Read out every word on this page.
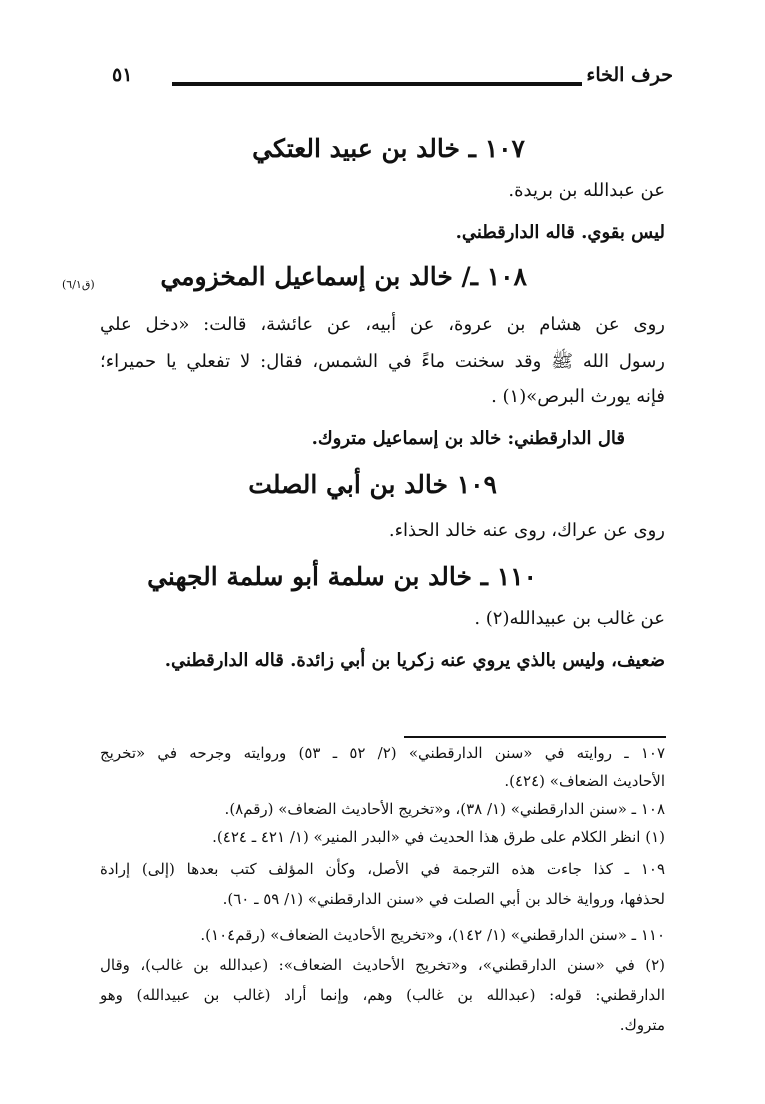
حرف الخاء
٥١
١٠٧ ـ خالد بن عبيد العتكي
عن عبدالله بن بريدة.
ليس بقوي. قاله الدارقطني.
١٠٨ ـ/ خالد بن إسماعيل المخزومي
(ق٦/١)
روى عن هشام بن عروة، عن أبيه، عن عائشة، قالت: «دخل علي
رسول الله ﷺ وقد سخنت ماءً في الشمس، فقال: لا تفعلي يا حميراء؛
فإنه يورث البرص»(١) .
قال الدارقطني: خالد بن إسماعيل متروك.
١٠٩ خالد بن أبي الصلت
روى عن عراك، روى عنه خالد الحذاء.
١١٠ ـ خالد بن سلمة أبو سلمة الجهني
عن غالب بن عبيدالله(٢) .
ضعيف، وليس بالذي يروي عنه زكريا بن أبي زائدة. قاله الدارقطني.
١٠٧ ـ روايته في «سنن الدارقطني» (٢/ ٥٢ ـ ٥٣) وروايته وجرحه في «تخريج
الأحاديث الضعاف» (٤٢٤).
١٠٨ ـ «سنن الدارقطني» (١/ ٣٨)، و«تخريج الأحاديث الضعاف» (رقم٨).
(١) انظر الكلام على طرق هذا الحديث في «البدر المنير» (١/ ٤٢١ ـ ٤٢٤).
١٠٩ ـ كذا جاءت هذه الترجمة في الأصل، وكأن المؤلف كتب بعدها (إلى) إرادة
لحذفها، ورواية خالد بن أبي الصلت في «سنن الدارقطني» (١/ ٥٩ ـ ٦٠).
١١٠ ـ «سنن الدارقطني» (١/ ١٤٢)، و«تخريج الأحاديث الضعاف» (رقم١٠٤).
(٢) في «سنن الدارقطني»، و«تخريج الأحاديث الضعاف»: (عبدالله بن غالب)، وقال
الدارقطني: قوله: (عبدالله بن غالب) وهم، وإنما أراد (غالب بن عبيدالله) وهو
متروك.
